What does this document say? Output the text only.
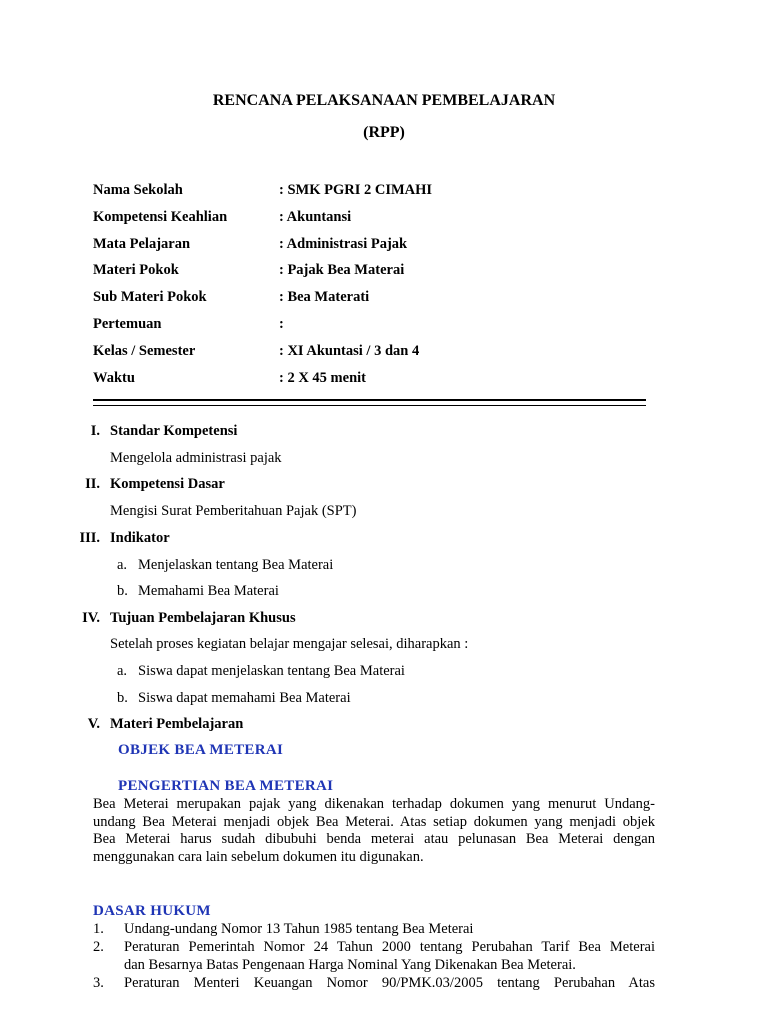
RENCANA PELAKSANAAN PEMBELAJARAN
(RPP)
Nama Sekolah	: SMK PGRI 2 CIMAHI
Kompetensi Keahlian	: Akuntansi
Mata Pelajaran	: Administrasi Pajak
Materi Pokok	: Pajak Bea Materai
Sub Materi Pokok	: Bea Materati
Pertemuan	:
Kelas / Semester	: XI Akuntasi / 3 dan 4
Waktu	: 2 X 45 menit
I. Standar Kompetensi
Mengelola administrasi pajak
II. Kompetensi Dasar
Mengisi Surat Pemberitahuan Pajak (SPT)
III. Indikator
a. Menjelaskan tentang Bea Materai
b. Memahami Bea Materai
IV. Tujuan Pembelajaran Khusus
Setelah proses kegiatan belajar mengajar selesai, diharapkan :
a. Siswa dapat menjelaskan tentang Bea Materai
b. Siswa dapat memahami Bea Materai
V. Materi Pembelajaran
OBJEK BEA METERAI
PENGERTIAN BEA METERAI
Bea Meterai merupakan pajak yang dikenakan terhadap dokumen yang menurut Undang-
undang Bea Meterai menjadi objek Bea Meterai. Atas setiap dokumen yang menjadi objek
Bea Meterai harus sudah dibubuhi benda meterai atau pelunasan Bea Meterai dengan
menggunakan cara lain sebelum dokumen itu digunakan.
DASAR HUKUM
1. Undang-undang Nomor 13 Tahun 1985 tentang Bea Meterai
2. Peraturan Pemerintah Nomor 24 Tahun 2000 tentang Perubahan Tarif Bea Meterai
dan Besarnya Batas Pengenaan Harga Nominal Yang Dikenakan Bea Meterai.
3. Peraturan Menteri Keuangan Nomor 90/PMK.03/2005 tentang Perubahan Atas
